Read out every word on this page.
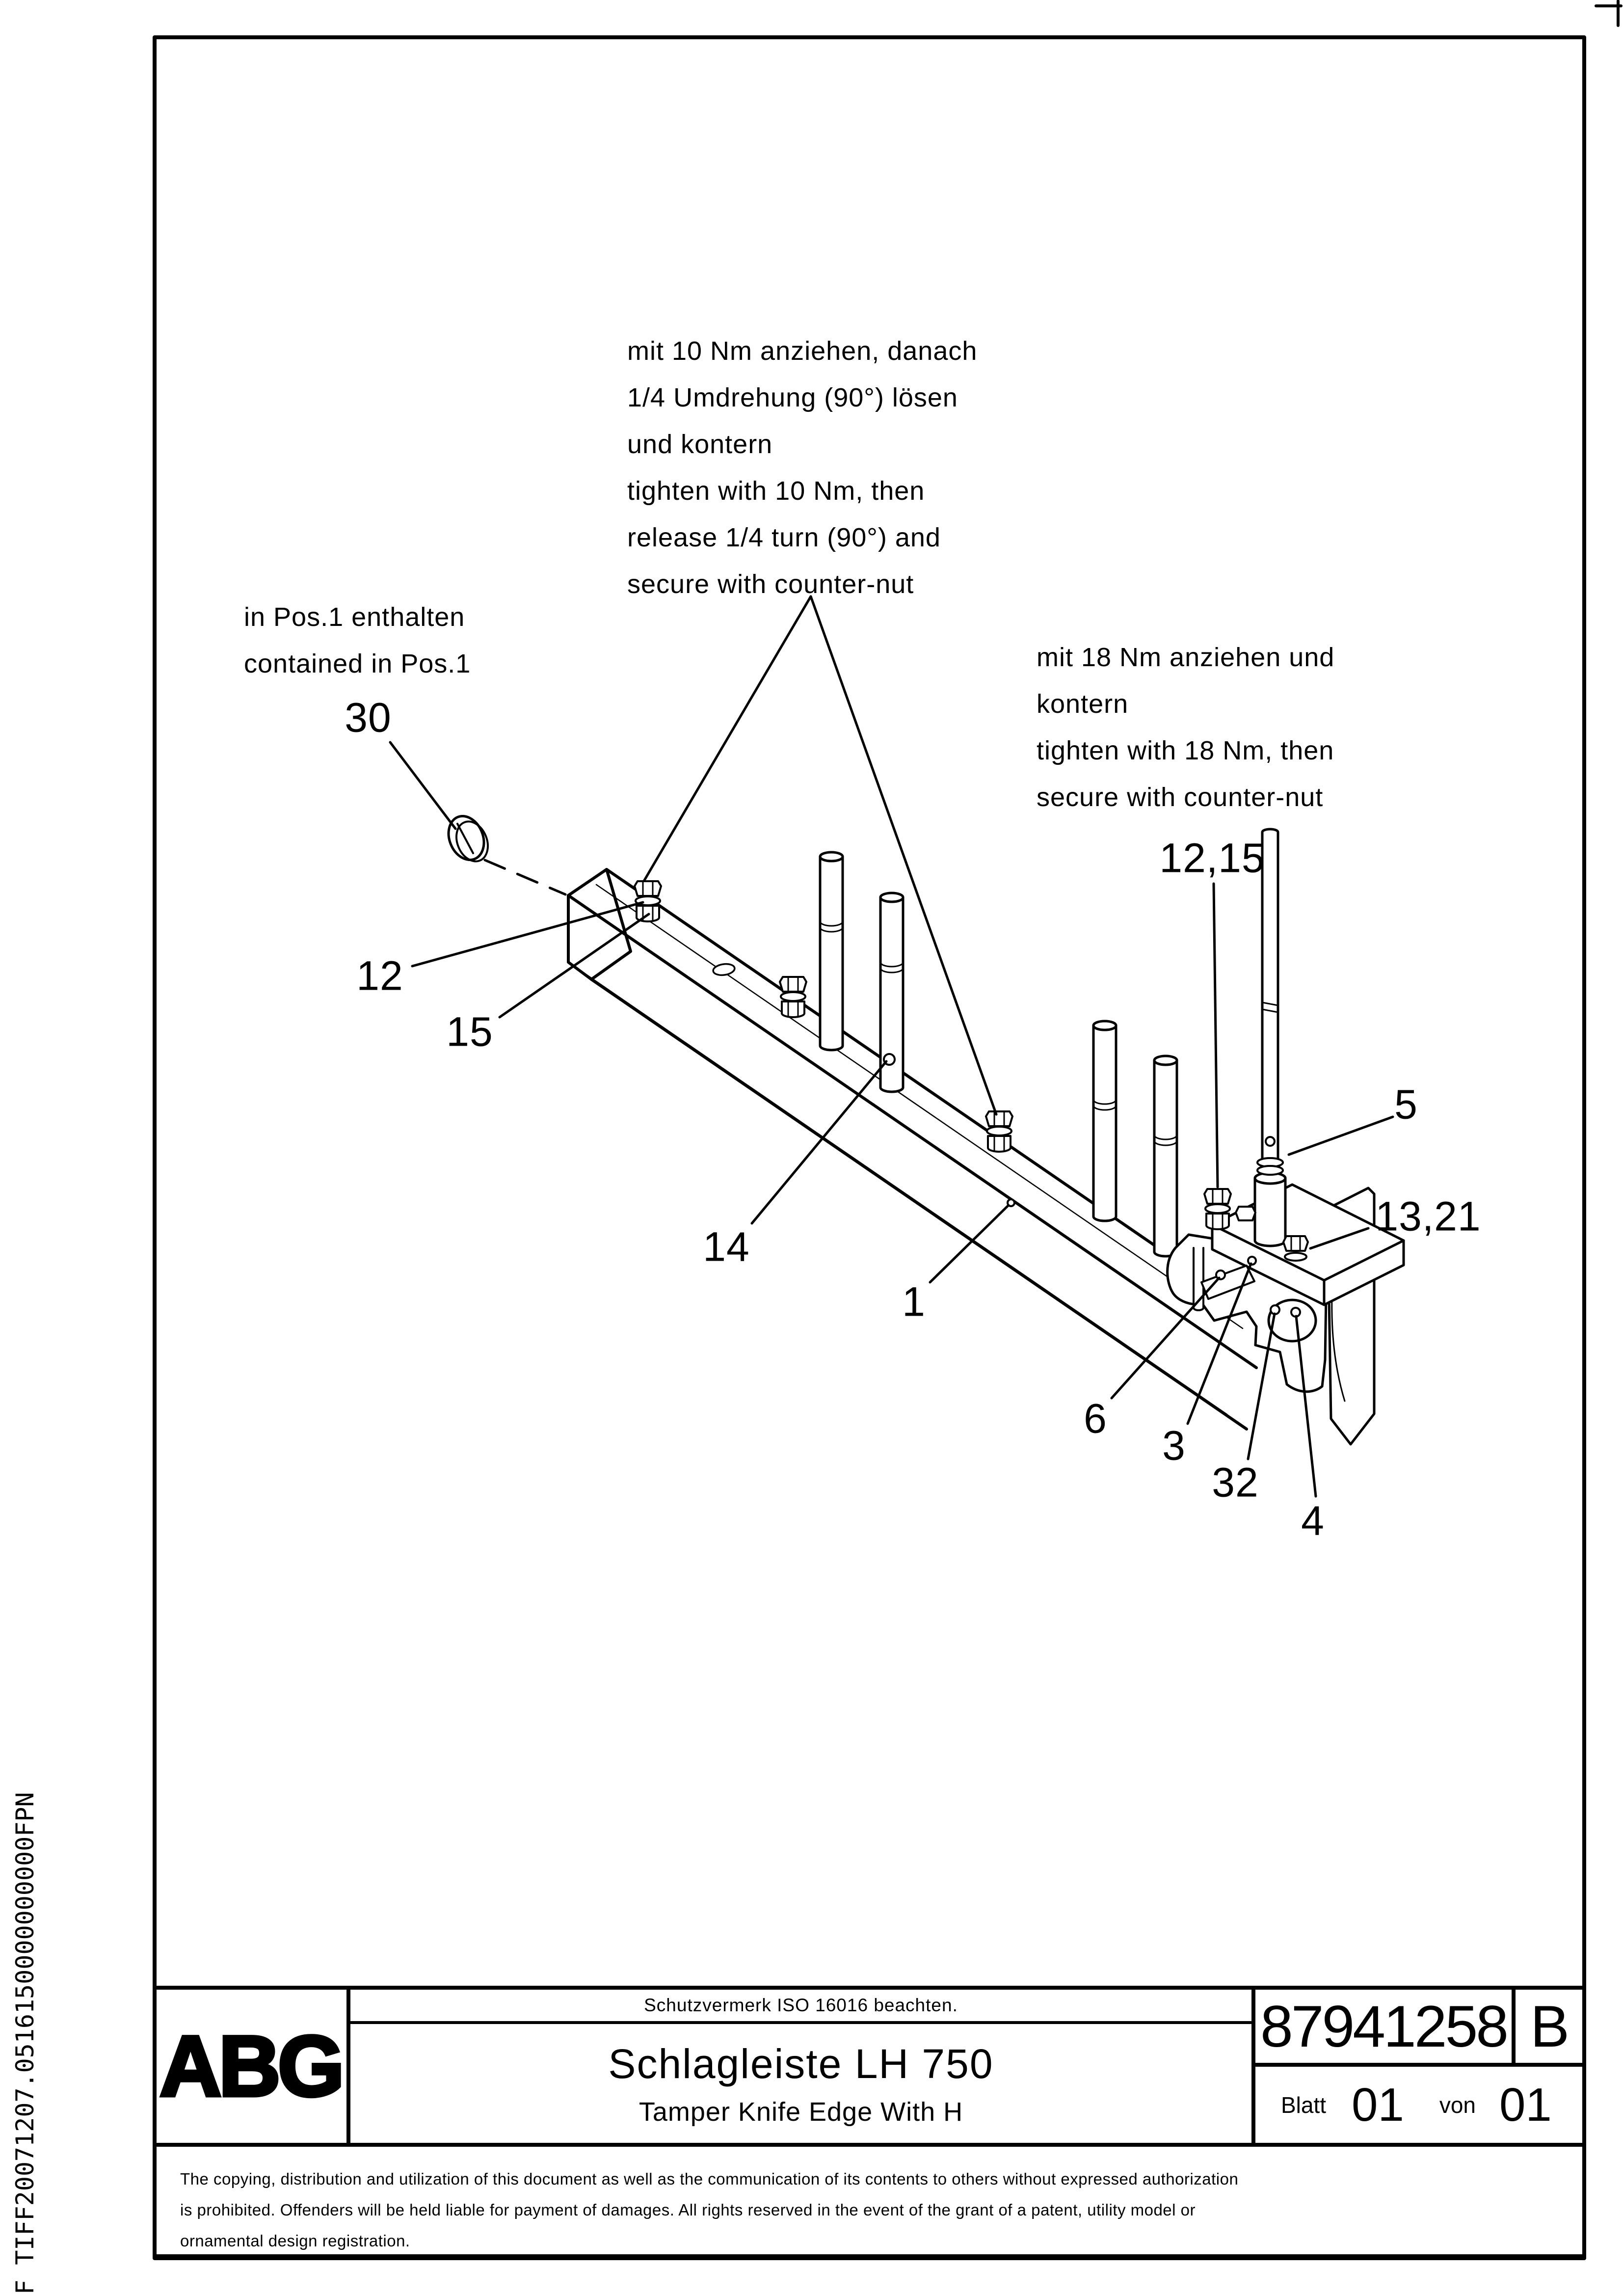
mit 10 Nm anziehen, danach
1/4 Umdrehung (90°) lösen
und kontern
tighten with 10 Nm, then
release 1/4 turn (90°) and
secure with counter-nut
in Pos.1 enthalten
contained in Pos.1	mit 18 Nm anziehen und
kontern
tighten with 18 Nm, then
secure with counter-nut
30
12
15
14
1
6
3
32
4
5
13,21
12,15
F TIFF20071207.0516150000000000FPN ABG
Schutzvermerk ISO 16016 beachten.
Schlagleiste LH 750
Tamper Knife Edge With H
87941258 B
Blatt 01 von 01
The copying, distribution and utilization of this document as well as the communication of its contents to others without expressed authorization
is prohibited. Offenders will be held liable for payment of damages. All rights reserved in the event of the grant of a patent, utility model or
ornamental design registration.
